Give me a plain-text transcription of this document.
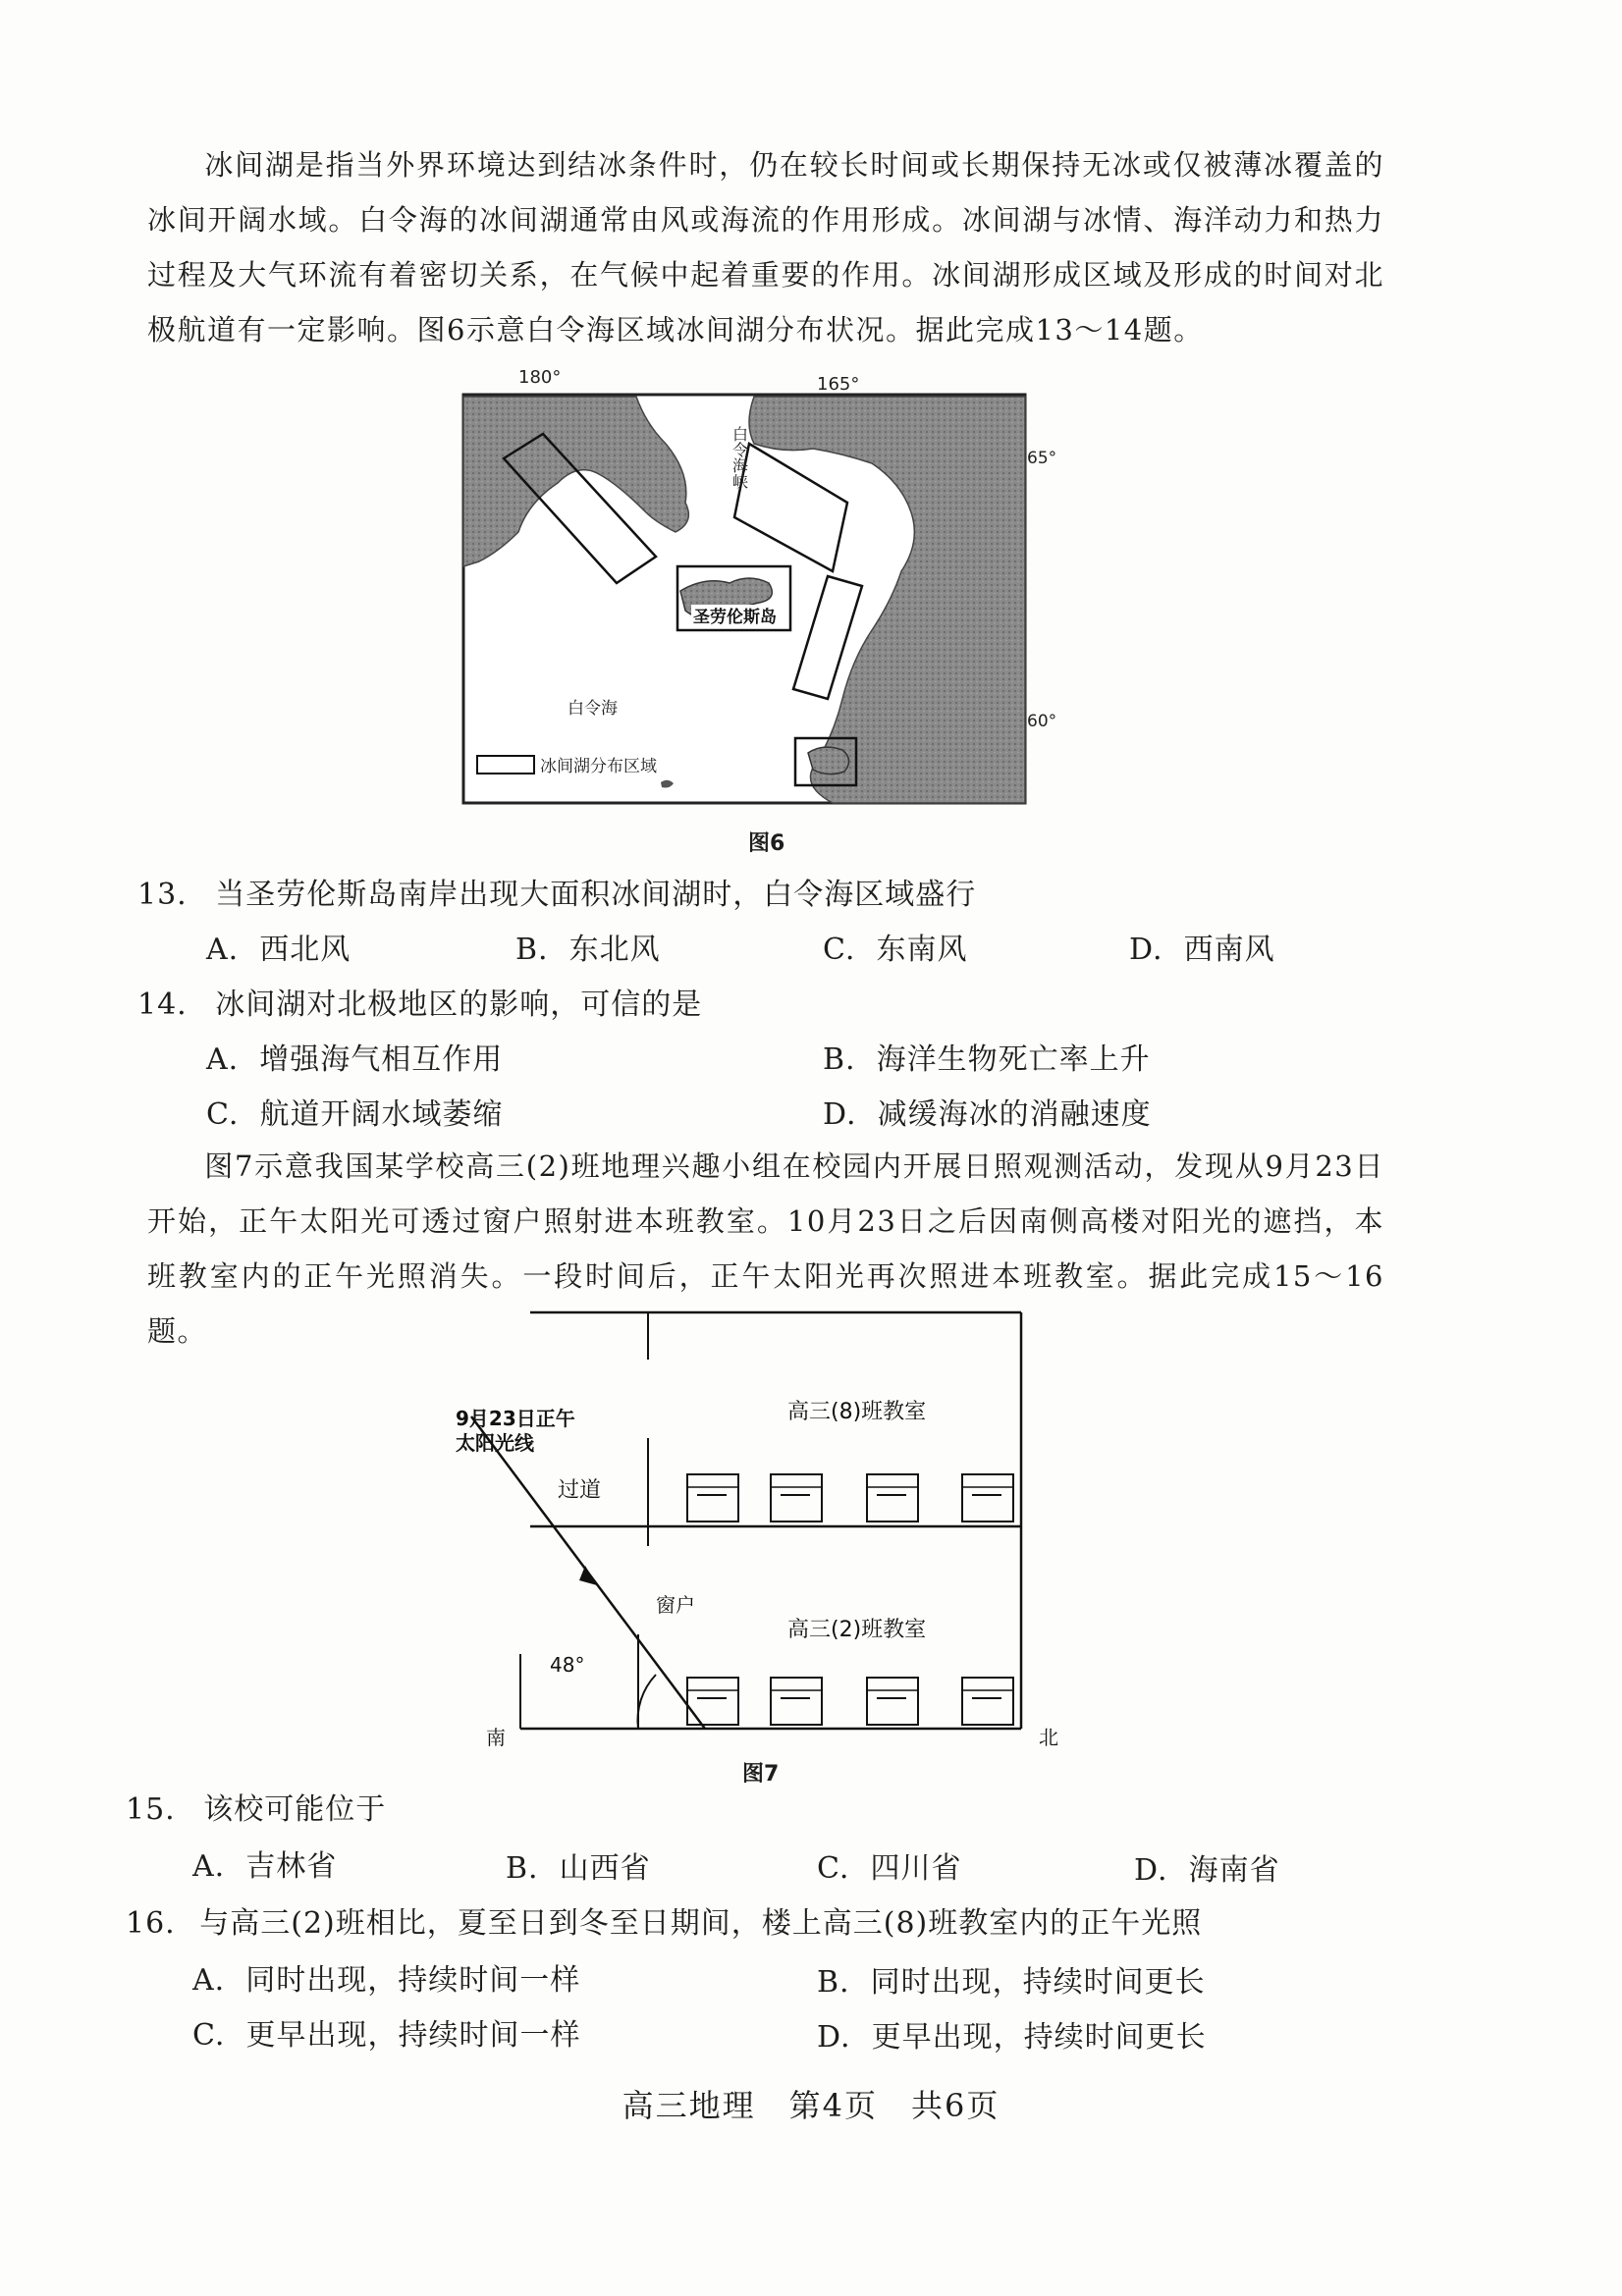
冰间湖是指当外界环境达到结冰条件时，仍在较长时间或长期保持无冰或仅被薄冰覆盖的冰间开阔水域。白令海的冰间湖通常由风或海流的作用形成。冰间湖与冰情、海洋动力和热力过程及大气环流有着密切关系，在气候中起着重要的作用。冰间湖形成区域及形成的时间对北极航道有一定影响。图6示意白令海区域冰间湖分布状况。据此完成13～14题。

180°	165°
白令海峡
圣劳伦斯岛
白令海
65°
60°
冰间湖分布区域
图6
13. 当圣劳伦斯岛南岸出现大面积冰间湖时，白令海区域盛行
A. 西北风	B. 东北风	C. 东南风	D. 西南风
14. 冰间湖对北极地区的影响，可信的是
A. 增强海气相互作用	B. 海洋生物死亡率上升
C. 航道开阔水域萎缩	D. 减缓海冰的消融速度

图7示意我国某学校高三(2)班地理兴趣小组在校园内开展日照观测活动，发现从9月23日开始，正午太阳光可透过窗户照射进本班教室。10月23日之后因南侧高楼对阳光的遮挡，本班教室内的正午光照消失。一段时间后，正午太阳光再次照进本班教室。据此完成15～16题。

9月23日正午
太阳光线
过道
高三(8)班教室
窗户
高三(2)班教室
48°
南	北
图7
15. 该校可能位于
A. 吉林省	B. 山西省	C. 四川省	D. 海南省
16. 与高三(2)班相比，夏至日到冬至日期间，楼上高三(8)班教室内的正午光照
A. 同时出现，持续时间一样	B. 同时出现，持续时间更长
C. 更早出现，持续时间一样	D. 更早出现，持续时间更长
高三地理　第4页　共6页
